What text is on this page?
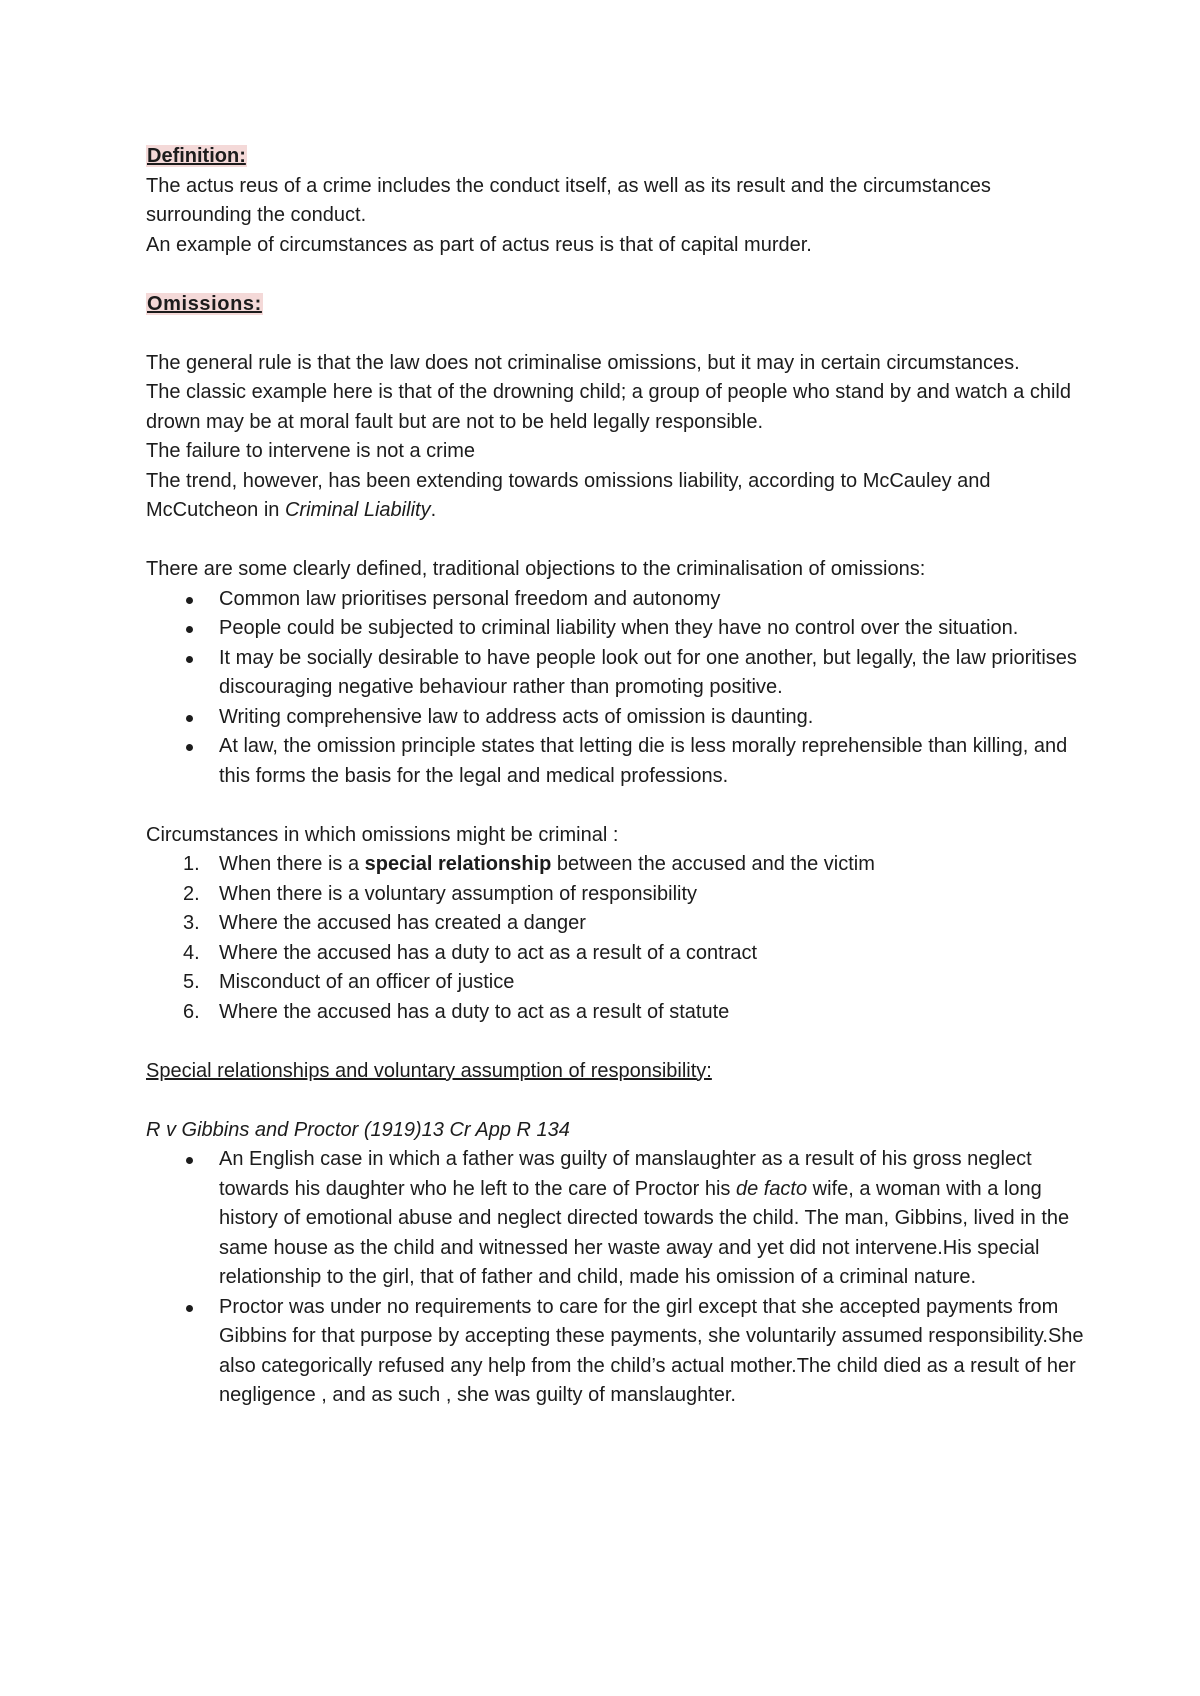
Definition:

The actus reus of a crime includes the conduct itself, as well as its result and the circumstances surrounding the conduct.

An example of circumstances as part of actus reus is that of capital murder.

Omissions:

The general rule is that the law does not criminalise omissions, but it may in certain circumstances.

The classic example here is that of the drowning child; a group of people who stand by and watch a child drown may be at moral fault but are not to be held legally responsible.

The failure to intervene is not a crime

The trend, however, has been extending towards omissions liability, according to McCauley and McCutcheon in Criminal Liability.

There are some clearly defined, traditional objections to the criminalisation of omissions:

Common law prioritises personal freedom and autonomy
People could be subjected to criminal liability when they have no control over the situation.
It may be socially desirable to have people look out for one another, but legally, the law prioritises discouraging negative behaviour rather than promoting positive.
Writing comprehensive law to address acts of omission is daunting.
At law, the omission principle states that letting die is less morally reprehensible than killing, and this forms the basis for the legal and medical professions.

Circumstances in which omissions might be criminal :

1. When there is a special relationship between the accused and the victim
2. When there is a voluntary assumption of responsibility
3. Where the accused has created a danger
4. Where the accused has a duty to act as a result of a contract
5. Misconduct of an officer of justice
6. Where the accused has a duty to act as a result of statute

Special relationships and voluntary assumption of responsibility:

R v Gibbins and Proctor (1919)13 Cr App R 134

An English case in which a father was guilty of manslaughter as a result of his gross neglect towards his daughter who he left to the care of Proctor his de facto wife, a woman with a long history of emotional abuse and neglect directed towards the child. The man, Gibbins, lived in the same house as the child and witnessed her waste away and yet did not intervene.His special relationship to the girl, that of father and child, made his omission of a criminal nature.
Proctor was under no requirements to care for the girl except that she accepted payments from Gibbins for that purpose by accepting these payments, she voluntarily assumed responsibility.She also categorically refused any help from the child’s actual mother.The child died as a result of her negligence , and as such , she was guilty of manslaughter.
